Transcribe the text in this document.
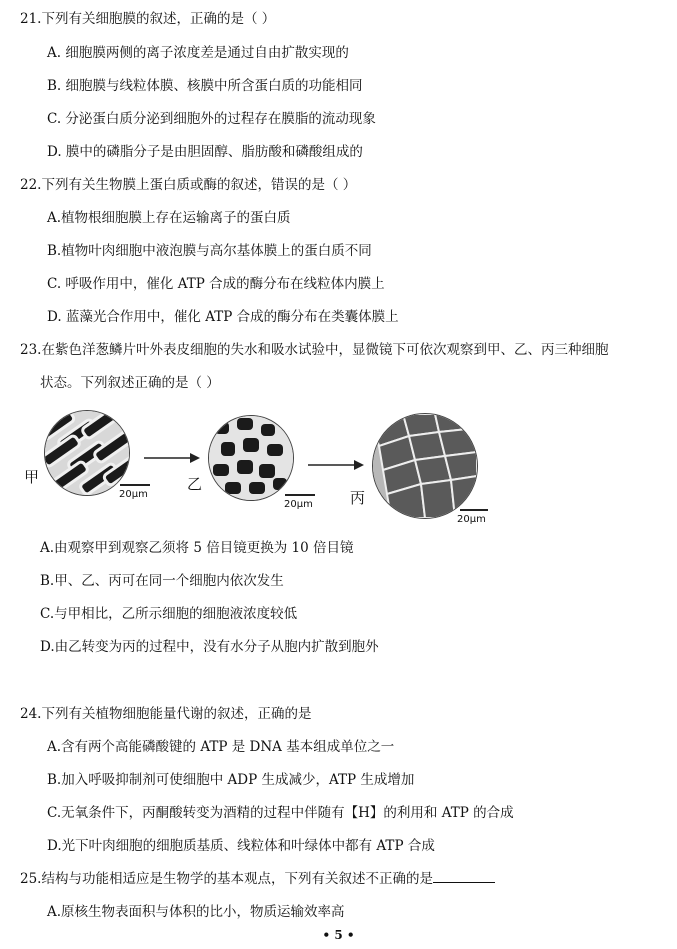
21.下列有关细胞膜的叙述，正确的是（ ）
A. 细胞膜两侧的离子浓度差是通过自由扩散实现的
B. 细胞膜与线粒体膜、核膜中所含蛋白质的功能相同
C. 分泌蛋白质分泌到细胞外的过程存在膜脂的流动现象
D. 膜中的磷脂分子是由胆固醇、脂肪酸和磷酸组成的
22.下列有关生物膜上蛋白质或酶的叙述，错误的是（ ）
A.植物根细胞膜上存在运输离子的蛋白质
B.植物叶肉细胞中液泡膜与高尔基体膜上的蛋白质不同
C. 呼吸作用中，催化 ATP 合成的酶分布在线粒体内膜上
D. 蓝藻光合作用中，催化 ATP 合成的酶分布在类囊体膜上
23.在紫色洋葱鳞片叶外表皮细胞的失水和吸水试验中，显微镜下可依次观察到甲、乙、丙三种细胞
状态。下列叙述正确的是（ ）
甲
20μm
乙
20μm 丙
20μm
A.由观察甲到观察乙须将 5 倍目镜更换为 10 倍目镜
B.甲、乙、丙可在同一个细胞内依次发生
C.与甲相比，乙所示细胞的细胞液浓度较低
D.由乙转变为丙的过程中，没有水分子从胞内扩散到胞外
24.下列有关植物细胞能量代谢的叙述，正确的是
A.含有两个高能磷酸键的 ATP 是 DNA 基本组成单位之一
B.加入呼吸抑制剂可使细胞中 ADP 生成减少，ATP 生成增加
C.无氧条件下，丙酮酸转变为酒精的过程中伴随有【H】的利用和 ATP 的合成
D.光下叶肉细胞的细胞质基质、线粒体和叶绿体中都有 ATP 合成
25.结构与功能相适应是生物学的基本观点，下列有关叙述不正确的是
A.原核生物表面积与体积的比小，物质运输效率高
• 5 •
